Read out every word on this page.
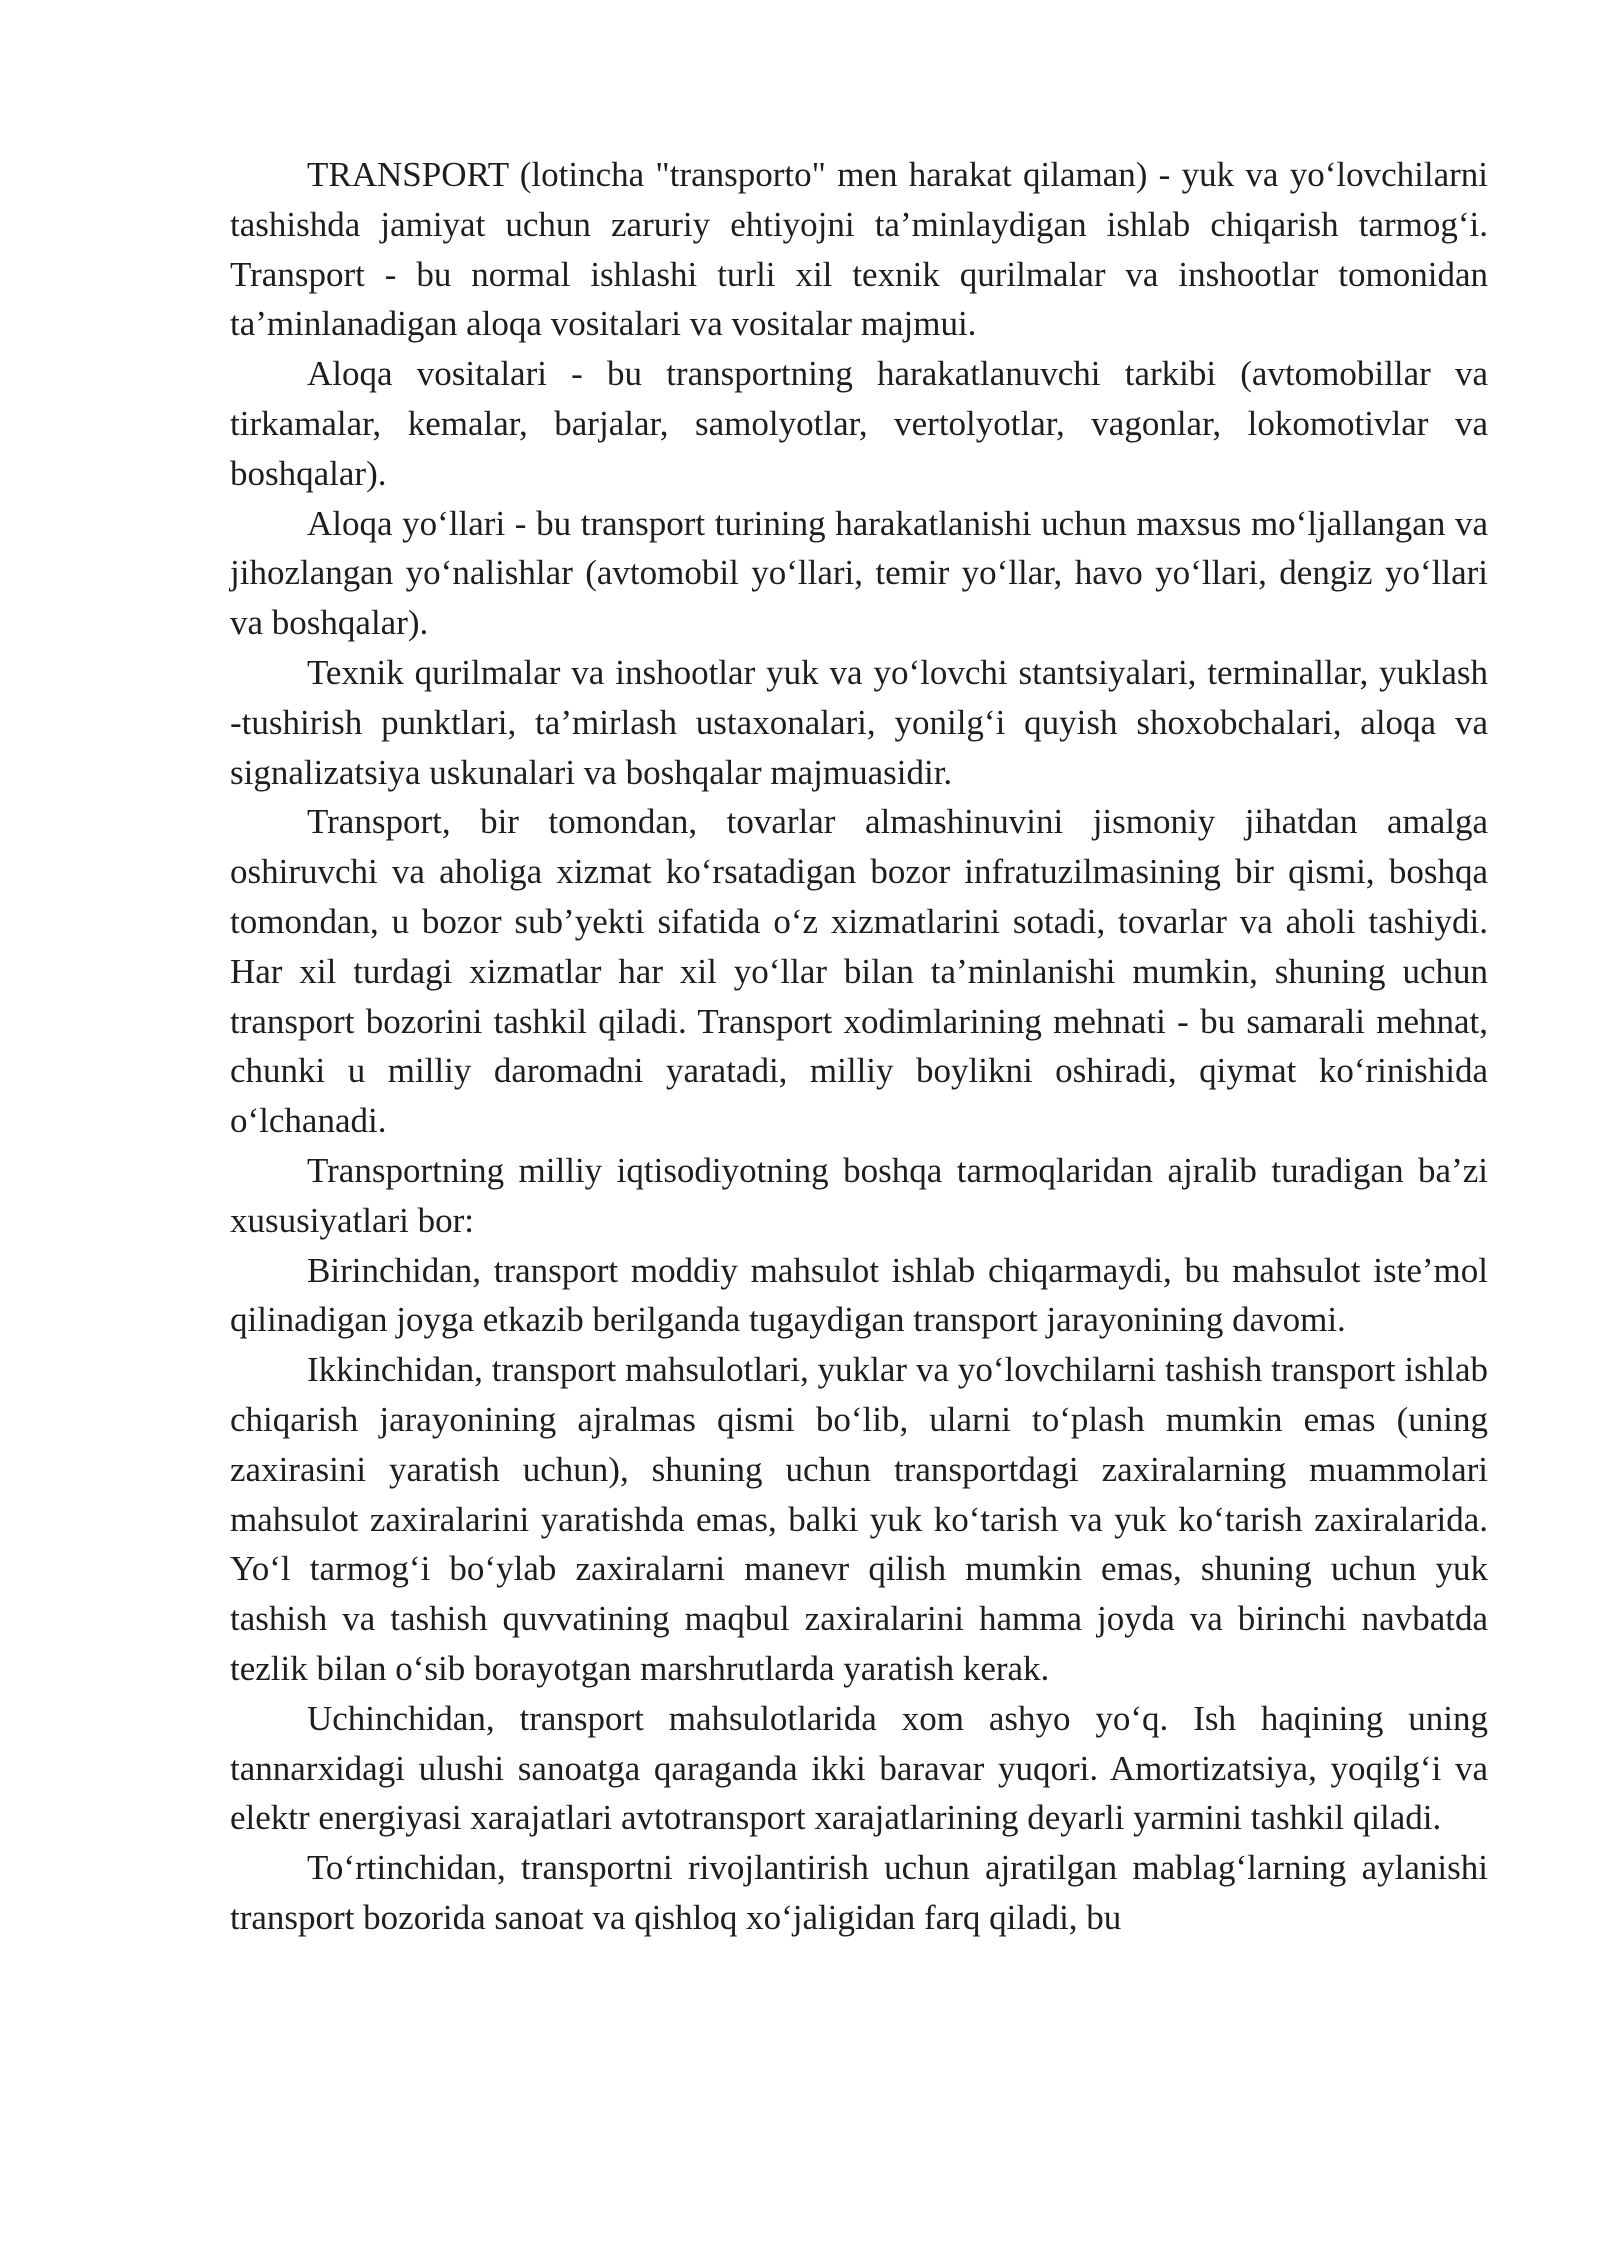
TRANSPORT (lotincha "transporto" men harakat qilaman) - yuk va yo‘lovchilarni tashishda jamiyat uchun zaruriy ehtiyojni ta’minlaydigan ishlab chiqarish tarmog‘i. Transport - bu normal ishlashi turli xil texnik qurilmalar va inshootlar tomonidan ta’minlanadigan aloqa vositalari va vositalar majmui.

Aloqa vositalari - bu transportning harakatlanuvchi tarkibi (avtomobillar va tirkamalar, kemalar, barjalar, samolyotlar, vertolyotlar, vagonlar, lokomotivlar va boshqalar).

Aloqa yo‘llari - bu transport turining harakatlanishi uchun maxsus mo‘ljallangan va jihozlangan yo‘nalishlar (avtomobil yo‘llari, temir yo‘llar, havo yo‘llari, dengiz yo‘llari va boshqalar).

Texnik qurilmalar va inshootlar yuk va yo‘lovchi stantsiyalari, terminallar, yuklash -tushirish punktlari, ta’mirlash ustaxonalari, yonilg‘i quyish shoxobchalari, aloqa va signalizatsiya uskunalari va boshqalar majmuasidir.

Transport, bir tomondan, tovarlar almashinuvini jismoniy jihatdan amalga oshiruvchi va aholiga xizmat ko‘rsatadigan bozor infratuzilmasining bir qismi, boshqa tomondan, u bozor sub’yekti sifatida o‘z xizmatlarini sotadi, tovarlar va aholi tashiydi. Har xil turdagi xizmatlar har xil yo‘llar bilan ta’minlanishi mumkin, shuning uchun transport bozorini tashkil qiladi. Transport xodimlarining mehnati - bu samarali mehnat, chunki u milliy daromadni yaratadi, milliy boylikni oshiradi, qiymat ko‘rinishida o‘lchanadi.

Transportning milliy iqtisodiyotning boshqa tarmoqlaridan ajralib turadigan ba’zi xususiyatlari bor:

Birinchidan, transport moddiy mahsulot ishlab chiqarmaydi, bu mahsulot iste’mol qilinadigan joyga etkazib berilganda tugaydigan transport jarayonining davomi.

Ikkinchidan, transport mahsulotlari, yuklar va yo‘lovchilarni tashish transport ishlab chiqarish jarayonining ajralmas qismi bo‘lib, ularni to‘plash mumkin emas (uning zaxirasini yaratish uchun), shuning uchun transportdagi zaxiralarning muammolari mahsulot zaxiralarini yaratishda emas, balki yuk ko‘tarish va yuk ko‘tarish zaxiralarida. Yo‘l tarmog‘i bo‘ylab zaxiralarni manevr qilish mumkin emas, shuning uchun yuk tashish va tashish quvvatining maqbul zaxiralarini hamma joyda va birinchi navbatda tezlik bilan o‘sib borayotgan marshrutlarda yaratish kerak.

Uchinchidan, transport mahsulotlarida xom ashyo yo‘q. Ish haqining uning tannarxidagi ulushi sanoatga qaraganda ikki baravar yuqori. Amortizatsiya, yoqilg‘i va elektr energiyasi xarajatlari avtotransport xarajatlarining deyarli yarmini tashkil qiladi.

To‘rtinchidan, transportni rivojlantirish uchun ajratilgan mablag‘larning aylanishi transport bozorida sanoat va qishloq xo‘jaligidan farq qiladi, bu
